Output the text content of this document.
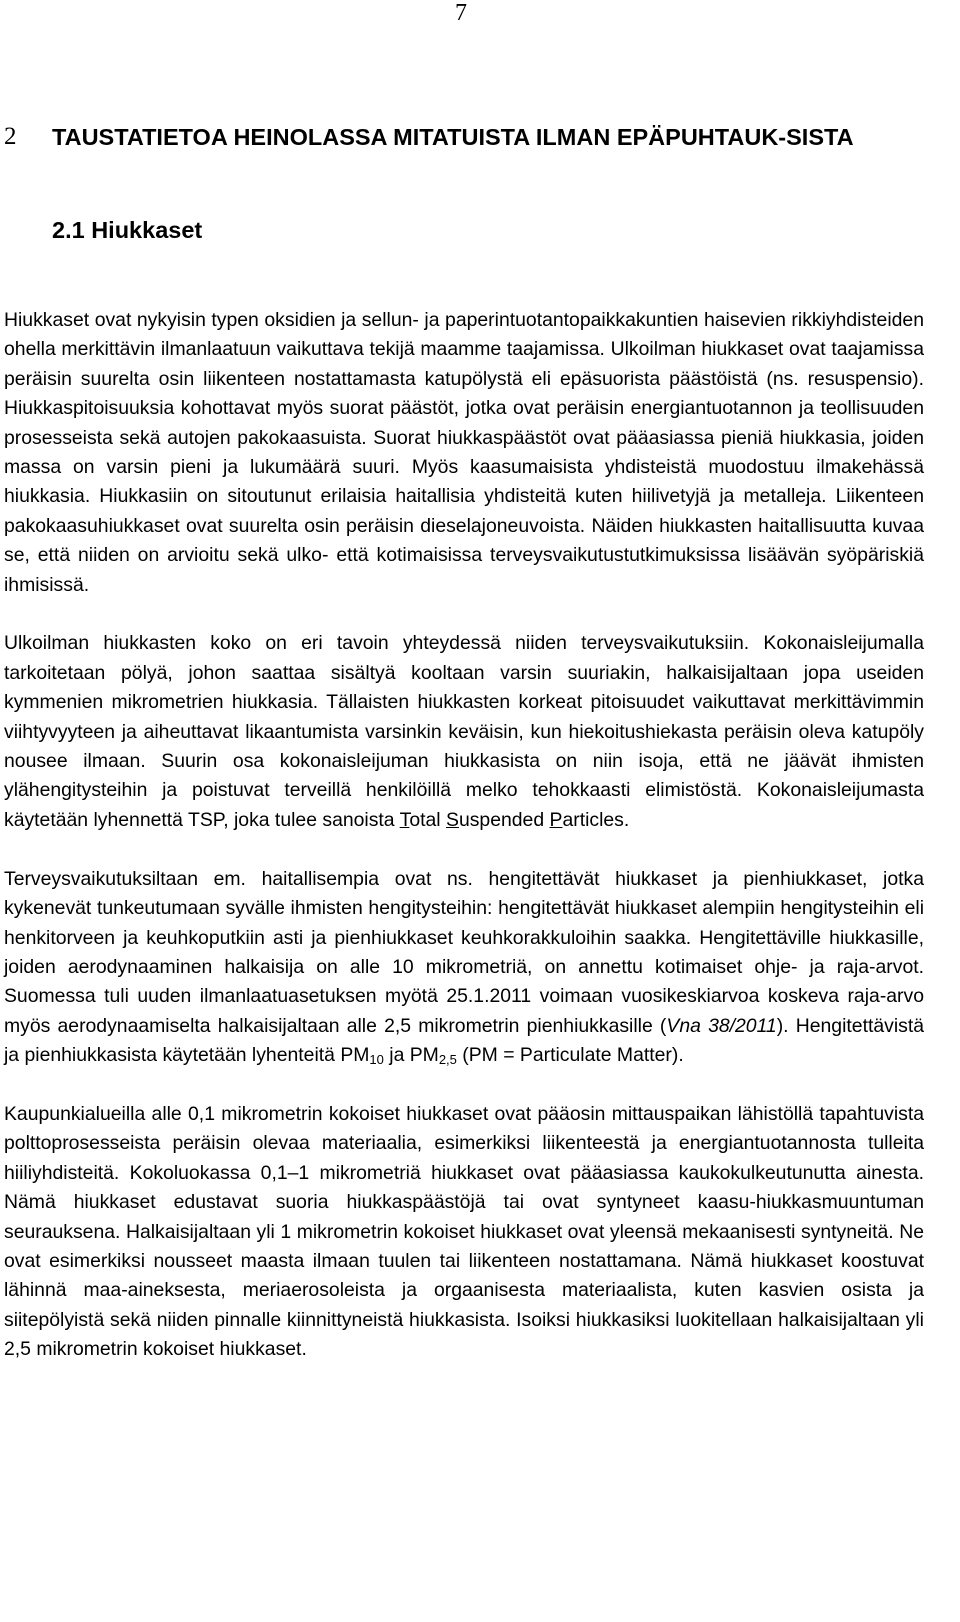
7
2	TAUSTATIETOA HEINOLASSA MITATUISTA ILMAN EPÄPUHTAUK-SISTA
2.1 Hiukkaset

Hiukkaset ovat nykyisin typen oksidien ja sellun- ja paperintuotantopaikkakuntien haisevien rikkiyhdisteiden ohella merkittävin ilmanlaatuun vaikuttava tekijä maamme taajamissa. Ulkoilman hiukkaset ovat taajamissa peräisin suurelta osin liikenteen nostattamasta katupölystä eli epäsuorista päästöistä (ns. resuspensio). Hiukkaspitoisuuksia kohottavat myös suorat päästöt, jotka ovat peräisin energiantuotannon ja teollisuuden prosesseista sekä autojen pakokaasuista. Suorat hiukkaspäästöt ovat pääasiassa pieniä hiukkasia, joiden massa on varsin pieni ja lukumäärä suuri. Myös kaasumaisista yhdisteistä muodostuu ilmakehässä hiukkasia. Hiukkasiin on sitoutunut erilaisia haitallisia yhdisteitä kuten hiilivetyjä ja metalleja. Liikenteen pakokaasuhiukkaset ovat suurelta osin peräisin dieselajoneuvoista. Näiden hiukkasten haitallisuutta kuvaa se, että niiden on arvioitu sekä ulko- että kotimaisissa terveysvaikutustutkimuksissa lisäävän syöpäriskiä ihmisissä.

Ulkoilman hiukkasten koko on eri tavoin yhteydessä niiden terveysvaikutuksiin. Kokonaisleijumalla tarkoitetaan pölyä, johon saattaa sisältyä kooltaan varsin suuriakin, halkaisijaltaan jopa useiden kymmenien mikrometrien hiukkasia. Tällaisten hiukkasten korkeat pitoisuudet vaikuttavat merkittävimmin viihtyvyyteen ja aiheuttavat likaantumista varsinkin keväisin, kun hiekoitushiekasta peräisin oleva katupöly nousee ilmaan. Suurin osa kokonaisleijuman hiukkasista on niin isoja, että ne jäävät ihmisten ylähengitysteihin ja poistuvat terveillä henkilöillä melko tehokkaasti elimistöstä. Kokonaisleijumasta käytetään lyhennettä TSP, joka tulee sanoista Total Suspended Particles.

Terveysvaikutuksiltaan em. haitallisempia ovat ns. hengitettävät hiukkaset ja pienhiukkaset, jotka kykenevät tunkeutumaan syvälle ihmisten hengitysteihin: hengitettävät hiukkaset alempiin hengitysteihin eli henkitorveen ja keuhkoputkiin asti ja pienhiukkaset keuhkorakkuloihin saakka. Hengitettäville hiukkasille, joiden aerodynaaminen halkaisija on alle 10 mikrometriä, on annettu kotimaiset ohje- ja raja-arvot. Suomessa tuli uuden ilmanlaatuasetuksen myötä 25.1.2011 voimaan vuosikeskiarvoa koskeva raja-arvo myös aerodynaamiselta halkaisijaltaan alle 2,5 mikrometrin pienhiukkasille (Vna 38/2011). Hengitettävistä ja pienhiukkasista käytetään lyhenteitä $PM_{10}$ ja $PM_{2,5}$ (PM = Particulate Matter).

Kaupunkialueilla alle 0,1 mikrometrin kokoiset hiukkaset ovat pääosin mittauspaikan lähistöllä tapahtuvista polttoprosesseista peräisin olevaa materiaalia, esimerkiksi liikenteestä ja energiantuotannosta tulleita hiiliyhdisteitä. Kokoluokassa 0,1–1 mikrometriä hiukkaset ovat pääasiassa kaukokulkeutunutta ainesta. Nämä hiukkaset edustavat suoria hiukkaspäästöjä tai ovat syntyneet kaasu-hiukkasmuuntuman seurauksena. Halkaisijaltaan yli 1 mikrometrin kokoiset hiukkaset ovat yleensä mekaanisesti syntyneitä. Ne ovat esimerkiksi nousseet maasta ilmaan tuulen tai liikenteen nostattamana. Nämä hiukkaset koostuvat lähinnä maa-aineksesta, meriaerosoleista ja orgaanisesta materiaalista, kuten kasvien osista ja siitepölyistä sekä niiden pinnalle kiinnittyneistä hiukkasista. Isoiksi hiukkasiksi luokitellaan halkaisijaltaan yli 2,5 mikrometrin kokoiset hiukkaset.
